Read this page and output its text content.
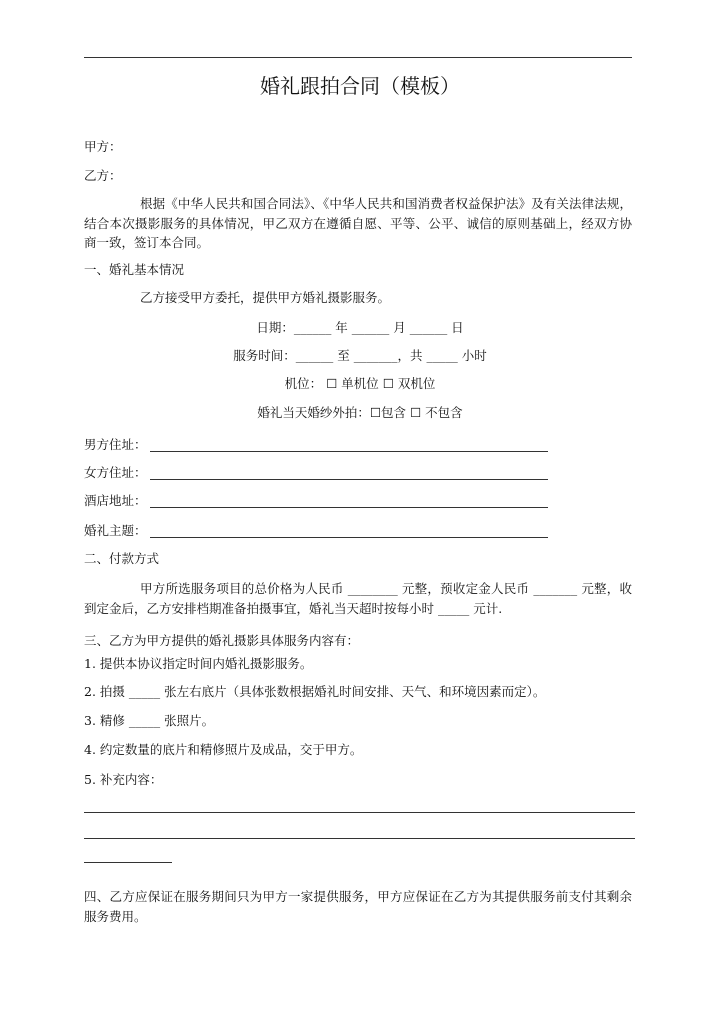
婚礼跟拍合同（模板）
甲方：
乙方：
根据《中华人民共和国合同法》、《中华人民共和国消费者权益保护法》及有关法律法规，结合本次摄影服务的具体情况，甲乙双方在遵循自愿、平等、公平、诚信的原则基础上，经双方协商一致，签订本合同。
一、婚礼基本情况
乙方接受甲方委托，提供甲方婚礼摄影服务。
日期：______ 年 ______ 月 ______ 日
服务时间：______ 至 _______，共 _____ 小时
机位： ☐ 单机位 ☐ 双机位
婚礼当天婚纱外拍：☐包含 ☐ 不包含
男方住址：
女方住址：
酒店地址：
婚礼主题：
二、付款方式
甲方所选服务项目的总价格为人民币 ________ 元整，预收定金人民币 _______ 元整，收到定金后，乙方安排档期准备拍摄事宜，婚礼当天超时按每小时 _____ 元计.
三、乙方为甲方提供的婚礼摄影具体服务内容有：
1. 提供本协议指定时间内婚礼摄影服务。
2. 拍摄 _____ 张左右底片（具体张数根据婚礼时间安排、天气、和环境因素而定）。
3. 精修 _____ 张照片。
4. 约定数量的底片和精修照片及成品，交于甲方。
5. 补充内容：
四、乙方应保证在服务期间只为甲方一家提供服务，甲方应保证在乙方为其提供服务前支付其剩余服务费用。
